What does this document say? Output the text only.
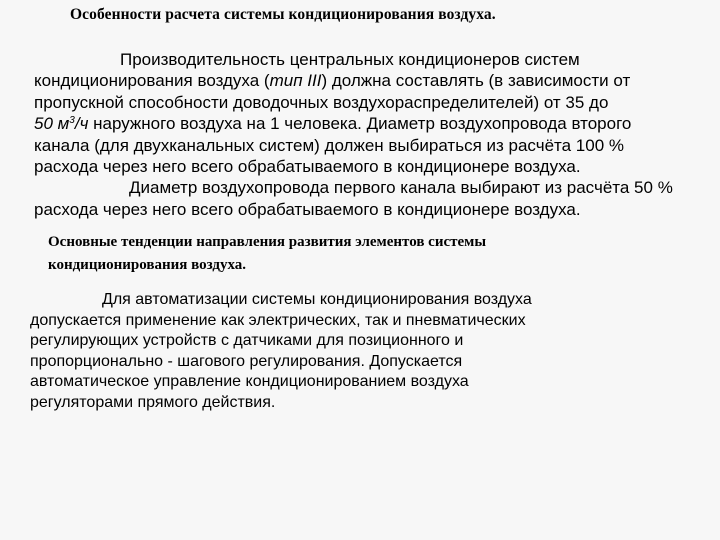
Особенности расчета системы кондиционирования воздуха.
Производительность центральных кондиционеров систем
кондиционирования воздуха (тип III) должна составлять (в зависимости от
пропускной способности доводочных воздухораспределителей) от 35 до
50 $м^3/ч$ наружного воздуха на 1 человека. Диаметр воздухопровода второго
канала (для двухканальных систем) должен выбираться из расчёта 100 %
расхода через него всего обрабатываемого в кондиционере воздуха.
Диаметр воздухопровода первого канала выбирают из расчёта 50 %
расхода через него всего обрабатываемого в кондиционере воздуха.
Основные тенденции направления развития элементов системы
кондиционирования воздуха.
Для автоматизации системы кондиционирования воздуха
допускается применение как электрических, так и пневматических
регулирующих устройств с датчиками для позиционного и
пропорционально - шагового регулирования. Допускается
автоматическое управление кондиционированием воздуха
регуляторами прямого действия.
